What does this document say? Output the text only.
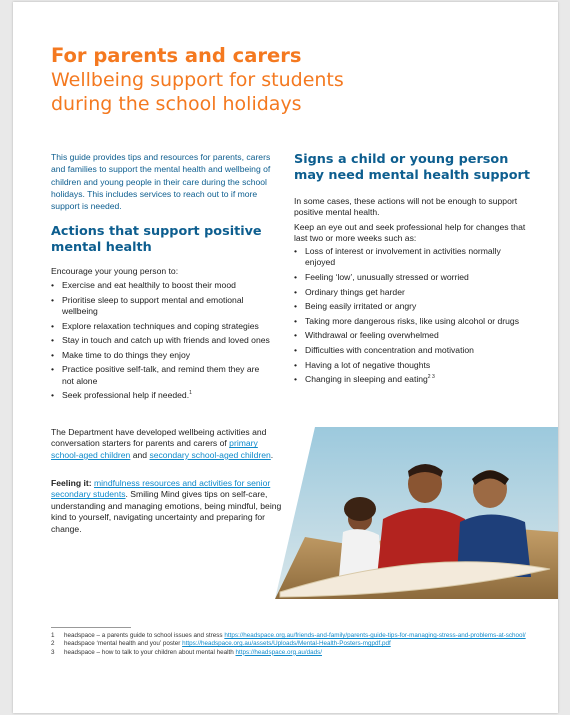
For parents and carers
Wellbeing support for students
during the school holidays
This guide provides tips and resources for parents, carers and families to support the mental health and wellbeing of children and young people in their care during the school holidays. This includes services to reach out to if more support is needed.
Actions that support positive
mental health
Encourage your young person to:
• Exercise and eat healthily to boost their mood
• Prioritise sleep to support mental and emotional wellbeing
• Explore relaxation techniques and coping strategies
• Stay in touch and catch up with friends and loved ones
• Make time to do things they enjoy
• Practice positive self-talk, and remind them they are not alone
• Seek professional help if needed.$^1$
The Department have developed wellbeing activities and conversation starters for parents and carers of primary school-aged children and secondary school-aged children.
Feeling it: mindfulness resources and activities for senior secondary students. Smiling Mind gives tips on self-care, understanding and managing emotions, being mindful, being kind to yourself, navigating uncertainty and preparing for change.
Signs a child or young person
may need mental health support
In some cases, these actions will not be enough to support positive mental health.
Keep an eye out and seek professional help for changes that last two or more weeks such as:
• Loss of interest or involvement in activities normally enjoyed
• Feeling ‘low’, unusually stressed or worried
• Ordinary things get harder
• Being easily irritated or angry
• Taking more dangerous risks, like using alcohol or drugs
• Withdrawal or feeling overwhelmed
• Difficulties with concentration and motivation
• Having a lot of negative thoughts
• Changing in sleeping and eating$^{2 3}$
1	headspace – a parents guide to school issues and stress https://headspace.org.au/friends-and-family/parents-guide-tips-for-managing-stress-and-problems-at-school/
2	headspace ‘mental health and you’ poster https://headspace.org.au/assets/Uploads/Mental-Health-Posters-mgpdf.pdf
3	headspace – how to talk to your children about mental health https://headspace.org.au/dads/
